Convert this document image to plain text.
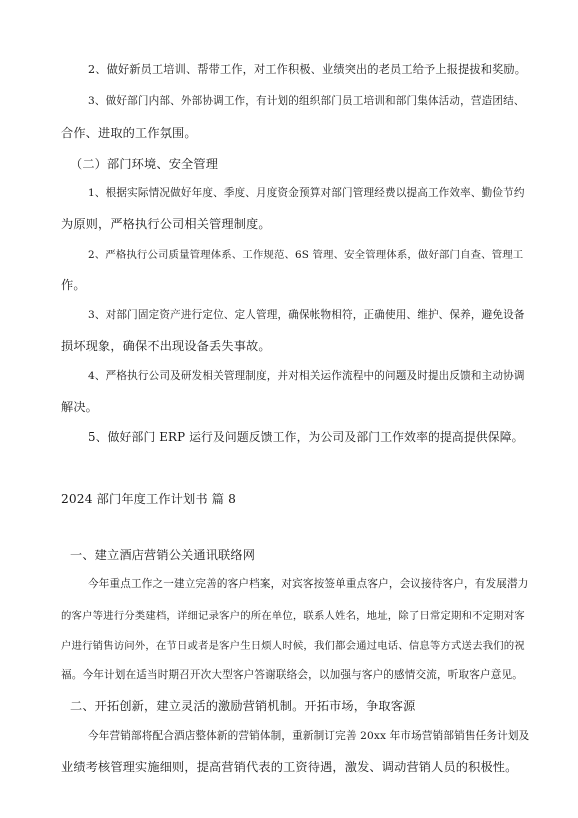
2、做好新员工培训、帮带工作，对工作积极、业绩突出的老员工给予上报提拔和奖励。
3、做好部门内部、外部协调工作，有计划的组织部门员工培训和部门集体活动，营造团结、
合作、进取的工作氛围。
（二）部门环境、安全管理
1、根据实际情况做好年度、季度、月度资金预算对部门管理经费以提高工作效率、勤俭节约
为原则，严格执行公司相关管理制度。
2、严格执行公司质量管理体系、工作规范、6S 管理、安全管理体系，做好部门自查、管理工
作。
3、对部门固定资产进行定位、定人管理，确保帐物相符，正确使用、维护、保养，避免设备
损坏现象，确保不出现设备丢失事故。
4、严格执行公司及研发相关管理制度，并对相关运作流程中的问题及时提出反馈和主动协调
解决。
5、做好部门 ERP 运行及问题反馈工作，为公司及部门工作效率的提高提供保障。
2024 部门年度工作计划书 篇 8
一、建立酒店营销公关通讯联络网
今年重点工作之一建立完善的客户档案，对宾客按签单重点客户，会议接待客户，有发展潜力
的客户等进行分类建档，详细记录客户的所在单位，联系人姓名，地址，除了日常定期和不定期对客
户进行销售访问外，在节日或者是客户生日烦人时候，我们都会通过电话、信息等方式送去我们的祝
福。今年计划在适当时期召开次大型客户答谢联络会，以加强与客户的感情交流，听取客户意见。
二、开拓创新，建立灵活的激励营销机制。开拓市场，争取客源
今年营销部将配合酒店整体新的营销体制，重新制订完善 20xx 年市场营销部销售任务计划及
业绩考核管理实施细则，提高营销代表的工资待遇，激发、调动营销人员的积极性。
